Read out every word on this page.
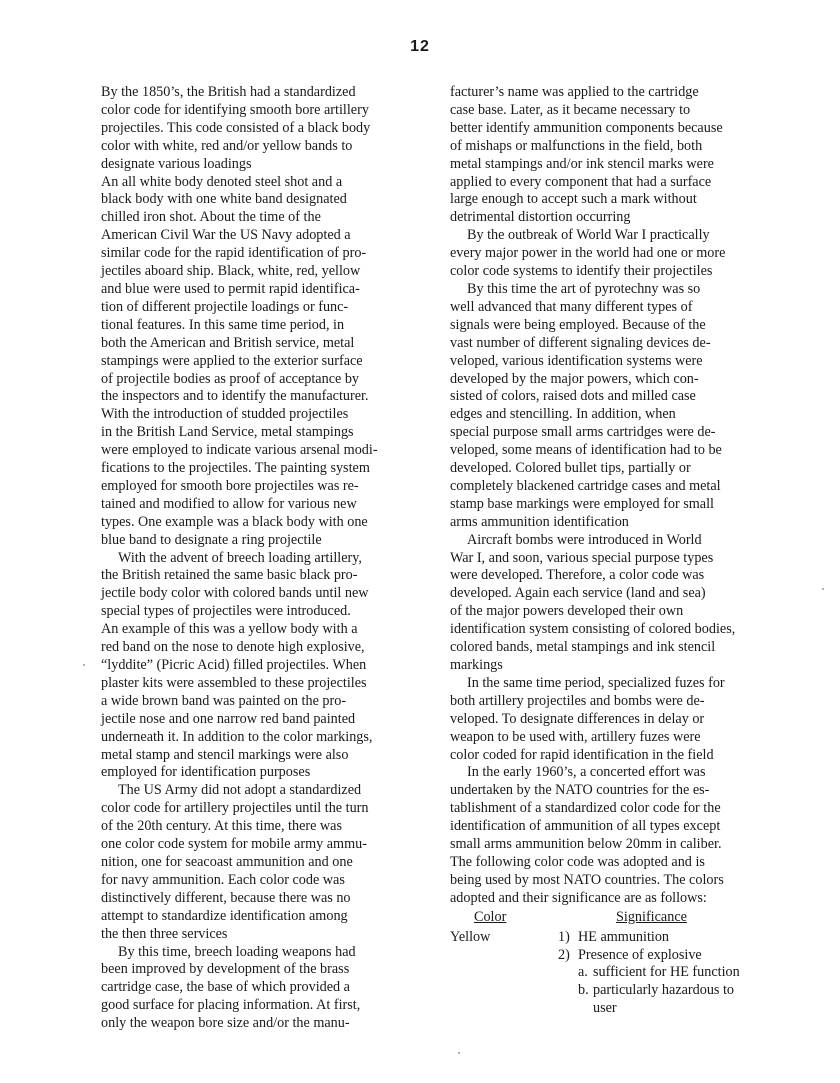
12
By the 1850’s, the British had a standardized
color code for identifying smooth bore artillery
projectiles. This code consisted of a black body
color with white, red and/or yellow bands to
designate various loadings
An all white body denoted steel shot and a
black body with one white band designated
chilled iron shot. About the time of the
American Civil War the US Navy adopted a
similar code for the rapid identification of pro-
jectiles aboard ship. Black, white, red, yellow
and blue were used to permit rapid identifica-
tion of different projectile loadings or func-
tional features. In this same time period, in
both the American and British service, metal
stampings were applied to the exterior surface
of projectile bodies as proof of acceptance by
the inspectors and to identify the manufacturer.
With the introduction of studded projectiles
in the British Land Service, metal stampings
were employed to indicate various arsenal modi-
fications to the projectiles. The painting system
employed for smooth bore projectiles was re-
tained and modified to allow for various new
types. One example was a black body with one
blue band to designate a ring projectile
With the advent of breech loading artillery,
the British retained the same basic black pro-
jectile body color with colored bands until new
special types of projectiles were introduced.
An example of this was a yellow body with a
red band on the nose to denote high explosive,
“lyddite” (Picric Acid) filled projectiles. When
plaster kits were assembled to these projectiles
a wide brown band was painted on the pro-
jectile nose and one narrow red band painted
underneath it. In addition to the color markings,
metal stamp and stencil markings were also
employed for identification purposes
The US Army did not adopt a standardized
color code for artillery projectiles until the turn
of the 20th century. At this time, there was
one color code system for mobile army ammu-
nition, one for seacoast ammunition and one
for navy ammunition. Each color code was
distinctively different, because there was no
attempt to standardize identification among
the then three services
By this time, breech loading weapons had
been improved by development of the brass
cartridge case, the base of which provided a
good surface for placing information. At first,
only the weapon bore size and/or the manu-
facturer’s name was applied to the cartridge
case base. Later, as it became necessary to
better identify ammunition components because
of mishaps or malfunctions in the field, both
metal stampings and/or ink stencil marks were
applied to every component that had a surface
large enough to accept such a mark without
detrimental distortion occurring
By the outbreak of World War I practically
every major power in the world had one or more
color code systems to identify their projectiles
By this time the art of pyrotechny was so
well advanced that many different types of
signals were being employed. Because of the
vast number of different signaling devices de-
veloped, various identification systems were
developed by the major powers, which con-
sisted of colors, raised dots and milled case
edges and stencilling. In addition, when
special purpose small arms cartridges were de-
veloped, some means of identification had to be
developed. Colored bullet tips, partially or
completely blackened cartridge cases and metal
stamp base markings were employed for small
arms ammunition identification
Aircraft bombs were introduced in World
War I, and soon, various special purpose types
were developed. Therefore, a color code was
developed. Again each service (land and sea)
of the major powers developed their own
identification system consisting of colored bodies,
colored bands, metal stampings and ink stencil
markings
In the same time period, specialized fuzes for
both artillery projectiles and bombs were de-
veloped. To designate differences in delay or
weapon to be used with, artillery fuzes were
color coded for rapid identification in the field
In the early 1960’s, a concerted effort was
undertaken by the NATO countries for the es-
tablishment of a standardized color code for the
identification of ammunition of all types except
small arms ammunition below 20mm in caliber.
The following color code was adopted and is
being used by most NATO countries. The colors
adopted and their significance are as follows:
Color	Significance
Yellow	1) HE ammunition
2) Presence of explosive
a. sufficient for HE function
b. particularly hazardous to
user
